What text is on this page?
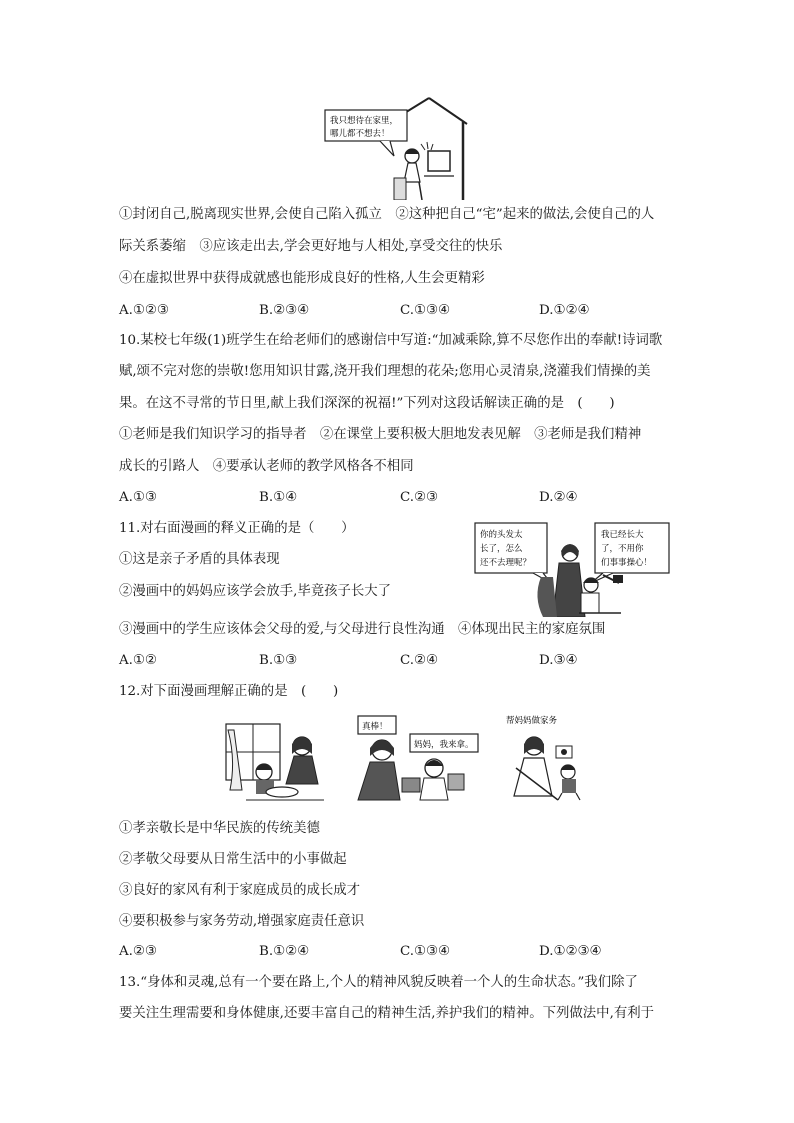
我只想待在家里，
哪儿都不想去！
①封闭自己,脱离现实世界,会使自己陷入孤立　②这种把自己“宅”起来的做法,会使自己的人
际关系萎缩　③应该走出去,学会更好地与人相处,享受交往的快乐
④在虚拟世界中获得成就感也能形成良好的性格,人生会更精彩
A.①②③	B.②③④	C.①③④	D.①②④
10.某校七年级(1)班学生在给老师们的感谢信中写道:“加减乘除,算不尽您作出的奉献!诗词歌
赋,颂不完对您的崇敬!您用知识甘露,浇开我们理想的花朵;您用心灵清泉,浇灌我们情操的美
果。在这不寻常的节日里,献上我们深深的祝福!”下列对这段话解读正确的是　(　　)
①老师是我们知识学习的指导者　②在课堂上要积极大胆地发表见解　③老师是我们精神
成长的引路人　④要承认老师的教学风格各不相同
A.①③	B.①④	C.②③	D.②④
11.对右面漫画的释义正确的是（　　）
①这是亲子矛盾的具体表现
②漫画中的妈妈应该学会放手,毕竟孩子长大了
③漫画中的学生应该体会父母的爱,与父母进行良性沟通　④体现出民主的家庭氛围
你的头发太
长了，怎么
还不去理呢？
我已经长大
了，不用你
们事事操心！
A.①②	B.①③	C.②④	D.③④
12.对下面漫画理解正确的是　(　　)
真棒！
妈妈，我来拿。
帮妈妈做家务
①孝亲敬长是中华民族的传统美德
②孝敬父母要从日常生活中的小事做起
③良好的家风有利于家庭成员的成长成才
④要积极参与家务劳动,增强家庭责任意识
A.②③	B.①②④	C.①③④	D.①②③④
13.“身体和灵魂,总有一个要在路上,个人的精神风貌反映着一个人的生命状态。”我们除了
要关注生理需要和身体健康,还要丰富自己的精神生活,养护我们的精神。下列做法中,有利于
